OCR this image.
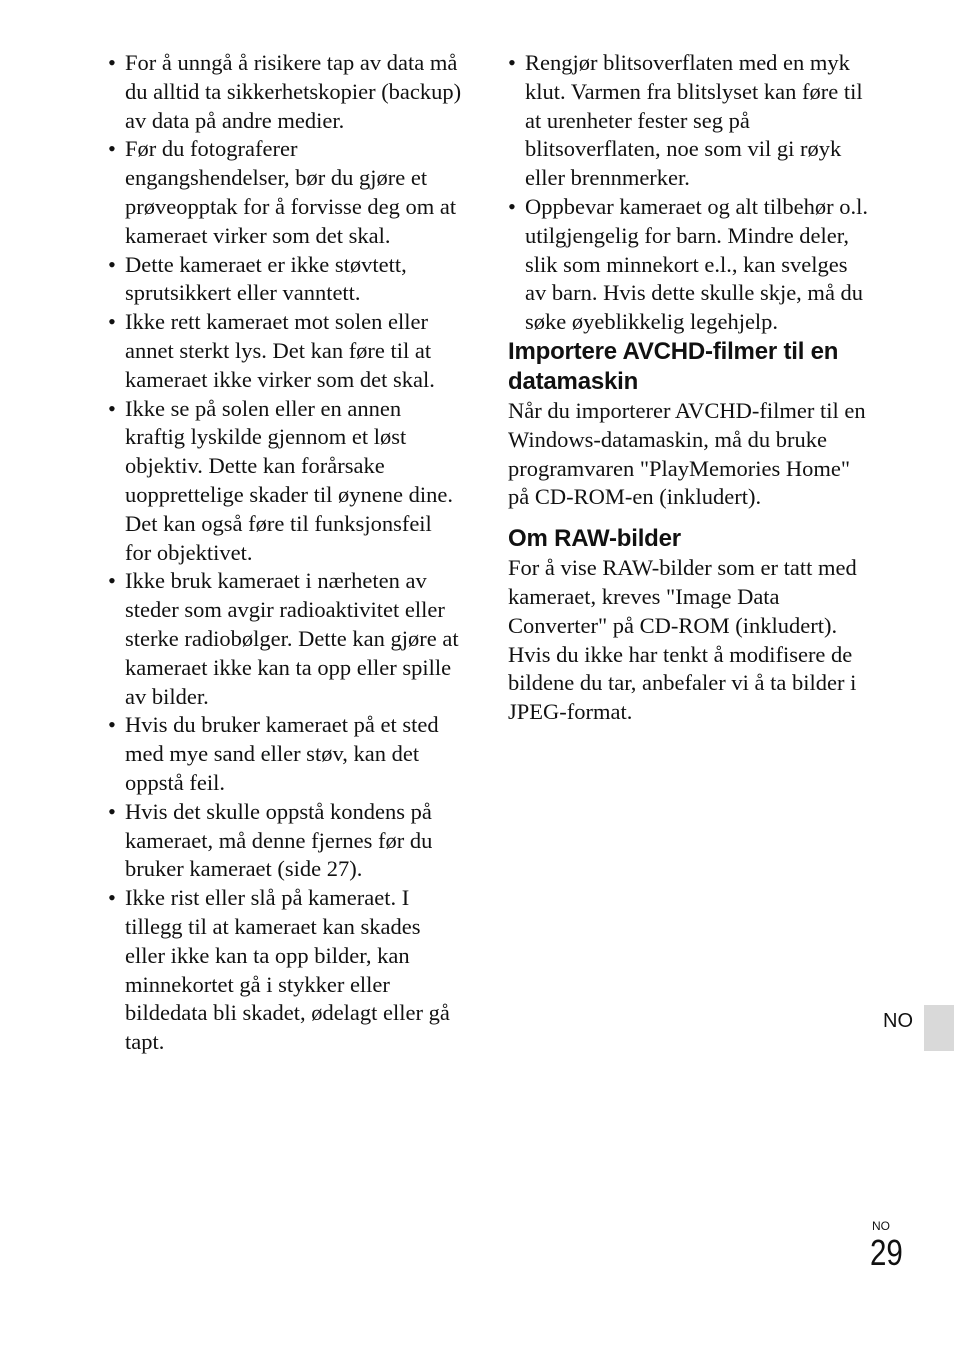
• For å unngå å risikere tap av data må du alltid ta sikkerhetskopier (backup) av data på andre medier.
• Før du fotograferer engangshendelser, bør du gjøre et prøveopptak for å forvisse deg om at kameraet virker som det skal.
• Dette kameraet er ikke støvtett, sprutsikkert eller vanntett.
• Ikke rett kameraet mot solen eller annet sterkt lys. Det kan føre til at kameraet ikke virker som det skal.
• Ikke se på solen eller en annen kraftig lyskilde gjennom et løst objektiv. Dette kan forårsake uopprettelige skader til øynene dine. Det kan også føre til funksjonsfeil for objektivet.
• Ikke bruk kameraet i nærheten av steder som avgir radioaktivitet eller sterke radiobølger. Dette kan gjøre at kameraet ikke kan ta opp eller spille av bilder.
• Hvis du bruker kameraet på et sted med mye sand eller støv, kan det oppstå feil.
• Hvis det skulle oppstå kondens på kameraet, må denne fjernes før du bruker kameraet (side 27).
• Ikke rist eller slå på kameraet. I tillegg til at kameraet kan skades eller ikke kan ta opp bilder, kan minnekortet gå i stykker eller bildedata bli skadet, ødelagt eller gå tapt.
• Rengjør blitsoverflaten med en myk klut. Varmen fra blitslyset kan føre til at urenheter fester seg på blitsoverflaten, noe som vil gi røyk eller brennmerker.
• Oppbevar kameraet og alt tilbehør o.l. utilgjengelig for barn. Mindre deler, slik som minnekort e.l., kan svelges av barn. Hvis dette skulle skje, må du søke øyeblikkelig legehjelp.
Importere AVCHD-filmer til en datamaskin

Når du importerer AVCHD-filmer til en Windows-datamaskin, må du bruke programvaren "PlayMemories Home" på CD-ROM-en (inkludert).

Om RAW-bilder

For å vise RAW-bilder som er tatt med kameraet, kreves "Image Data Converter" på CD-ROM (inkludert). Hvis du ikke har tenkt å modifisere de bildene du tar, anbefaler vi å ta bilder i JPEG-format.

NO
NO
29
